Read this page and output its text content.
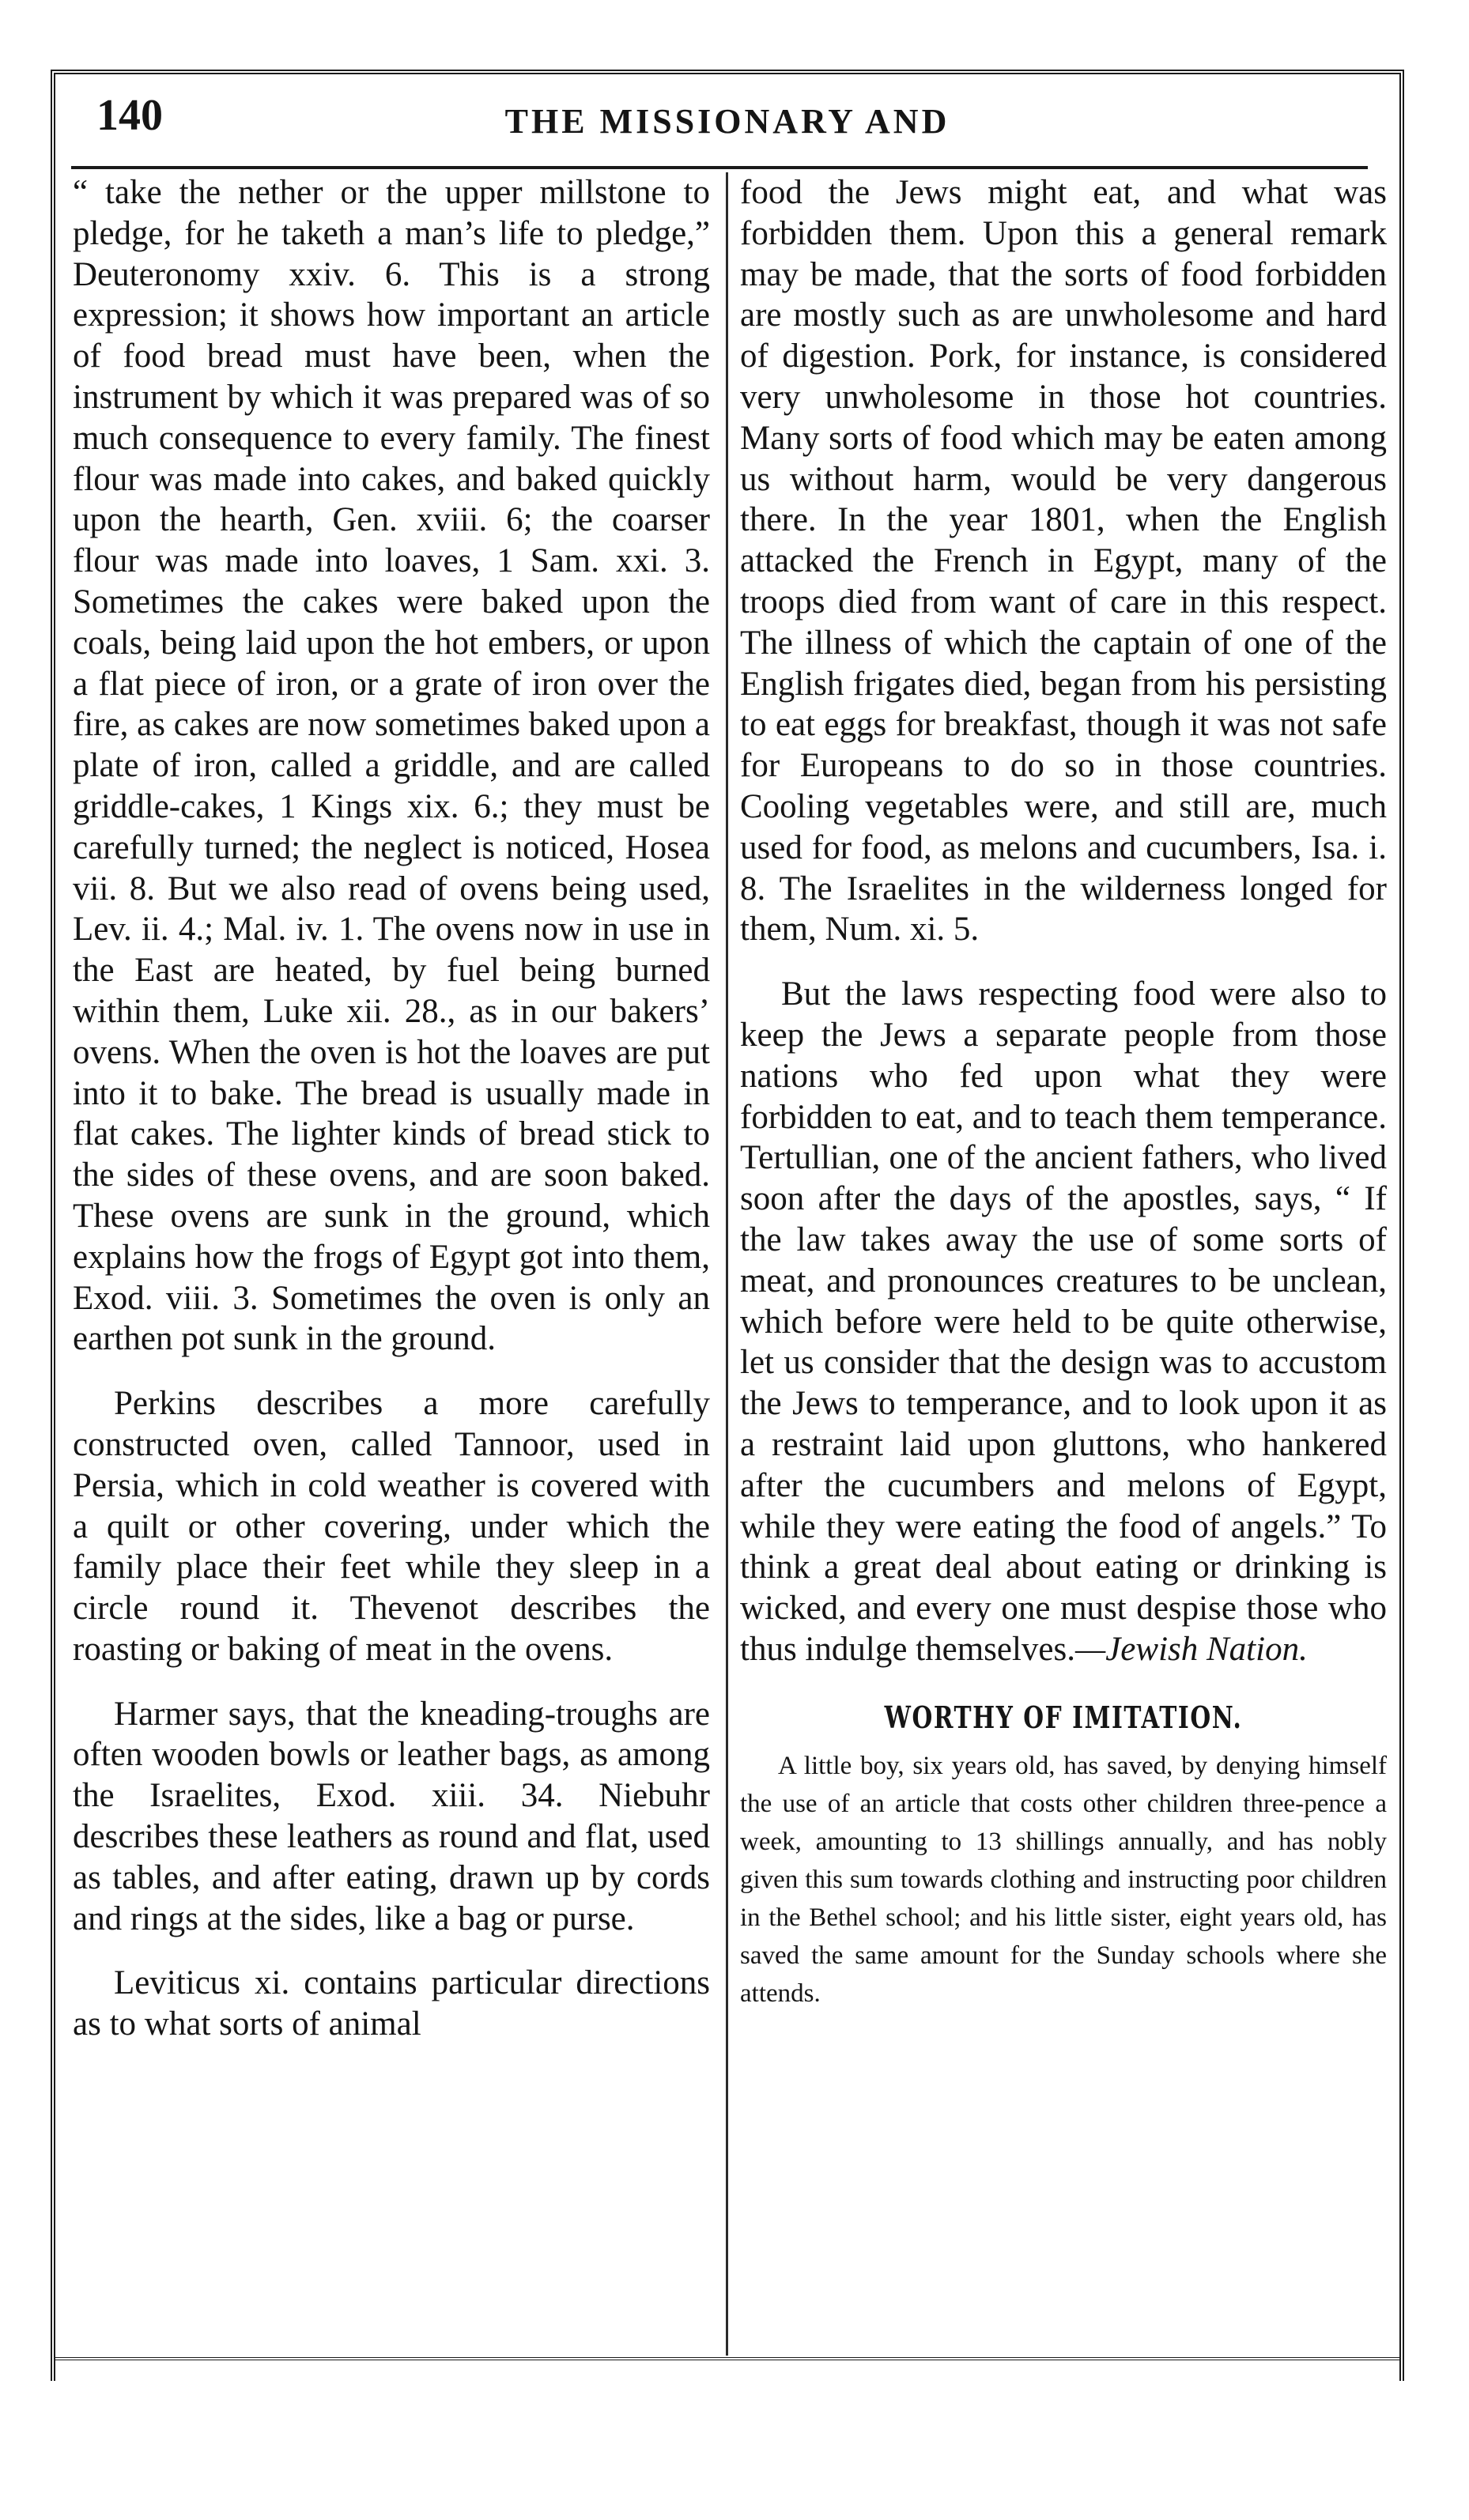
140	THE MISSIONARY AND

“ take the nether or the upper millstone to pledge, for he taketh a man’s life to pledge,” Deuteronomy xxiv. 6. This is a strong expression; it shows how important an article of food bread must have been, when the instrument by which it was prepared was of so much consequence to every family. The finest flour was made into cakes, and baked quickly upon the hearth, Gen. xviii. 6; the coarser flour was made into loaves, 1 Sam. xxi. 3. Sometimes the cakes were baked upon the coals, being laid upon the hot embers, or upon a flat piece of iron, or a grate of iron over the fire, as cakes are now sometimes baked upon a plate of iron, called a griddle, and are called griddle-cakes, 1 Kings xix. 6.; they must be carefully turned; the neglect is noticed, Hosea vii. 8. But we also read of ovens being used, Lev. ii. 4.; Mal. iv. 1. The ovens now in use in the East are heated, by fuel being burned within them, Luke xii. 28., as in our bakers’ ovens. When the oven is hot the loaves are put into it to bake. The bread is usually made in flat cakes. The lighter kinds of bread stick to the sides of these ovens, and are soon baked. These ovens are sunk in the ground, which explains how the frogs of Egypt got into them, Exod. viii. 3. Sometimes the oven is only an earthen pot sunk in the ground.

Perkins describes a more carefully constructed oven, called Tannoor, used in Persia, which in cold weather is covered with a quilt or other covering, under which the family place their feet while they sleep in a circle round it. Thevenot describes the roasting or baking of meat in the ovens.

Harmer says, that the kneading-troughs are often wooden bowls or leather bags, as among the Israelites, Exod. xiii. 34. Niebuhr describes these leathers as round and flat, used as tables, and after eating, drawn up by cords and rings at the sides, like a bag or purse.

Leviticus xi. contains particular directions as to what sorts of animal

food the Jews might eat, and what was forbidden them. Upon this a general remark may be made, that the sorts of food forbidden are mostly such as are unwholesome and hard of digestion. Pork, for instance, is considered very unwholesome in those hot countries. Many sorts of food which may be eaten among us without harm, would be very dangerous there. In the year 1801, when the English attacked the French in Egypt, many of the troops died from want of care in this respect. The illness of which the captain of one of the English frigates died, began from his persisting to eat eggs for breakfast, though it was not safe for Europeans to do so in those countries. Cooling vegetables were, and still are, much used for food, as melons and cucumbers, Isa. i. 8. The Israelites in the wilderness longed for them, Num. xi. 5.

But the laws respecting food were also to keep the Jews a separate people from those nations who fed upon what they were forbidden to eat, and to teach them temperance. Tertullian, one of the ancient fathers, who lived soon after the days of the apostles, says, “ If the law takes away the use of some sorts of meat, and pronounces creatures to be unclean, which before were held to be quite otherwise, let us consider that the design was to accustom the Jews to temperance, and to look upon it as a restraint laid upon gluttons, who hankered after the cucumbers and melons of Egypt, while they were eating the food of angels.” To think a great deal about eating or drinking is wicked, and every one must despise those who thus indulge themselves.—Jewish Nation.

WORTHY OF IMITATION.

A little boy, six years old, has saved, by denying himself the use of an article that costs other children three-pence a week, amounting to 13 shillings annually, and has nobly given this sum towards clothing and instructing poor children in the Bethel school; and his little sister, eight years old, has saved the same amount for the Sunday schools where she attends.
